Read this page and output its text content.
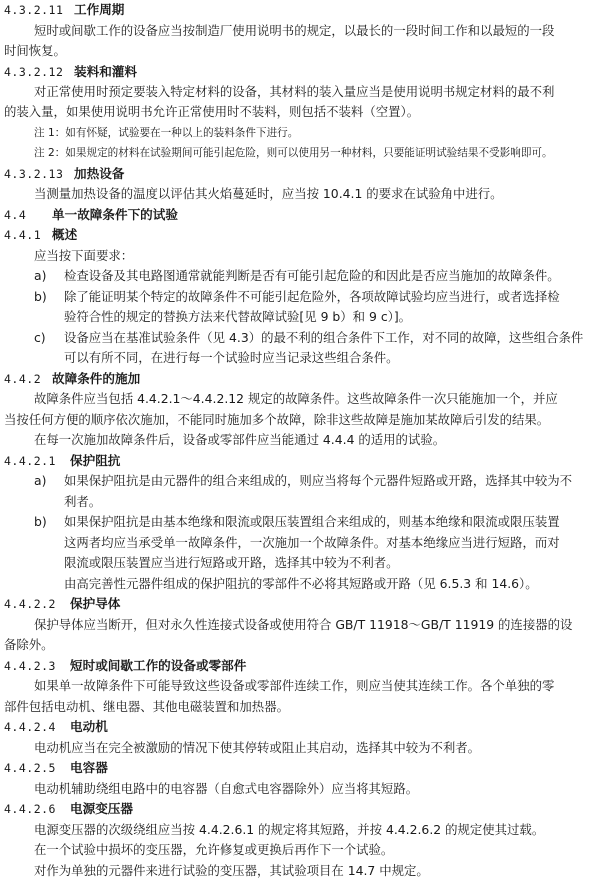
4.3.2.11 工作周期
短时或间歇工作的设备应当按制造厂使用说明书的规定，以最长的一段时间工作和以最短的一段
时间恢复。
4.3.2.12 装料和灌料
对正常使用时预定要装入特定材料的设备，其材料的装入量应当是使用说明书规定材料的最不利
的装入量，如果使用说明书允许正常使用时不装料，则包括不装料（空置）。
注 1：如有怀疑，试验要在一种以上的装料条件下进行。
注 2：如果规定的材料在试验期间可能引起危险，则可以使用另一种材料，只要能证明试验结果不受影响即可。
4.3.2.13 加热设备
当测量加热设备的温度以评估其火焰蔓延时，应当按 10.4.1 的要求在试验角中进行。
4.4 单一故障条件下的试验
4.4.1 概述
应当按下面要求：
a) 检查设备及其电路图通常就能判断是否有可能引起危险的和因此是否应当施加的故障条件。
b) 除了能证明某个特定的故障条件不可能引起危险外，各项故障试验均应当进行，或者选择检
验符合性的规定的替换方法来代替故障试验[见 9 b）和 9 c）]。
c) 设备应当在基准试验条件（见 4.3）的最不利的组合条件下工作，对不同的故障，这些组合条件
可以有所不同，在进行每一个试验时应当记录这些组合条件。
4.4.2 故障条件的施加
故障条件应当包括 4.4.2.1～4.4.2.12 规定的故障条件。这些故障条件一次只能施加一个，并应
当按任何方便的顺序依次施加，不能同时施加多个故障，除非这些故障是施加某故障后引发的结果。
在每一次施加故障条件后，设备或零部件应当能通过 4.4.4 的适用的试验。
4.4.2.1 保护阻抗
a) 如果保护阻抗是由元器件的组合来组成的，则应当将每个元器件短路或开路，选择其中较为不
利者。
b) 如果保护阻抗是由基本绝缘和限流或限压装置组合来组成的，则基本绝缘和限流或限压装置
这两者均应当承受单一故障条件，一次施加一个故障条件。对基本绝缘应当进行短路，而对
限流或限压装置应当进行短路或开路，选择其中较为不利者。
由高完善性元器件组成的保护阻抗的零部件不必将其短路或开路（见 6.5.3 和 14.6）。
4.4.2.2 保护导体
保护导体应当断开，但对永久性连接式设备或使用符合 GB/T 11918～GB/T 11919 的连接器的设
备除外。
4.4.2.3 短时或间歇工作的设备或零部件
如果单一故障条件下可能导致这些设备或零部件连续工作，则应当使其连续工作。各个单独的零
部件包括电动机、继电器、其他电磁装置和加热器。
4.4.2.4 电动机
电动机应当在完全被激励的情况下使其停转或阻止其启动，选择其中较为不利者。
4.4.2.5 电容器
电动机辅助绕组电路中的电容器（自愈式电容器除外）应当将其短路。
4.4.2.6 电源变压器
电源变压器的次级绕组应当按 4.4.2.6.1 的规定将其短路，并按 4.4.2.6.2 的规定使其过载。
在一个试验中损坏的变压器，允许修复或更换后再作下一个试验。
对作为单独的元器件来进行试验的变压器，其试验项目在 14.7 中规定。
